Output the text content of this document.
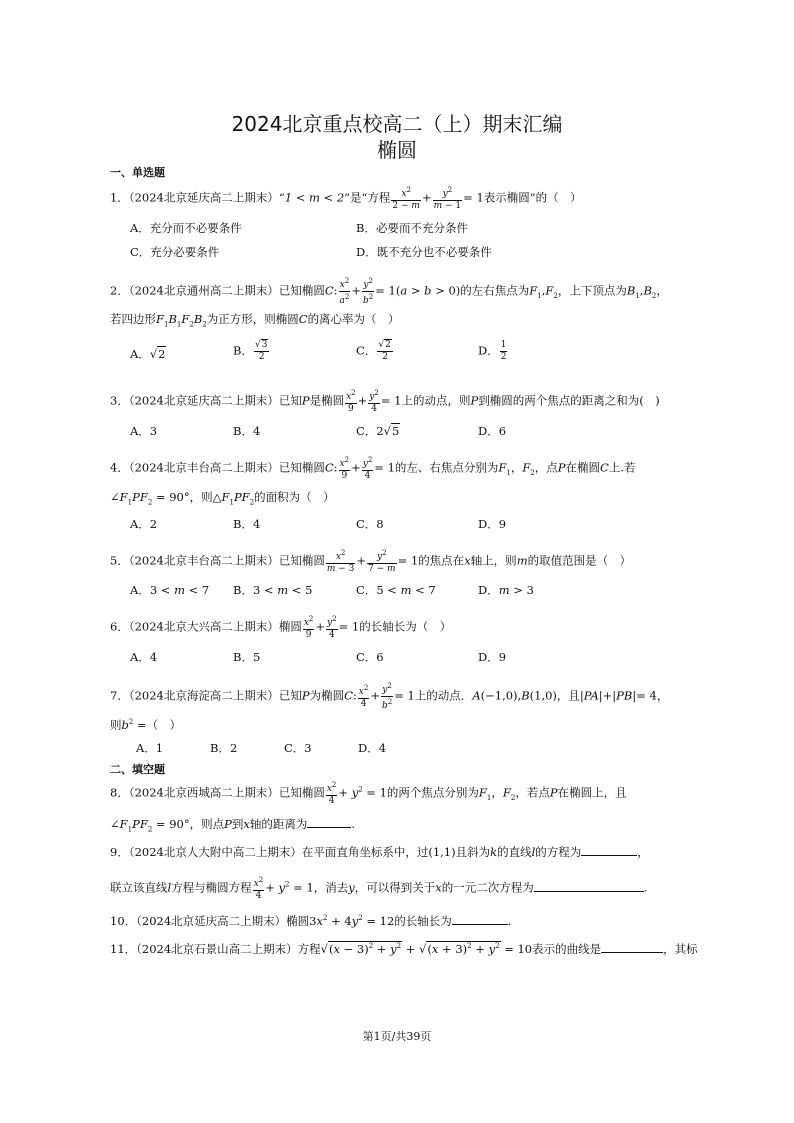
2024北京重点校高二（上）期末汇编
椭圆
一、单选题
1．（2024北京延庆高二上期末）“1 < m < 2”是“方程 $\frac{x^2}{2 - m} + \frac{y^2}{m - 1} = 1$表示椭圆”的（　）
A．充分而不必要条件	B．必要而不充分条件
C．充分必要条件	D．既不充分也不必要条件
2．（2024北京通州高二上期末）已知椭圆C: $\frac{x^2}{a^2} + \frac{y^2}{b^2} = 1(a > b > 0)$的左右焦点为$F_1,F_2$，上下顶点为$B_1,B_2$，
若四边形$F_1B_1F_2B_2$为正方形，则椭圆C的离心率为（　）
A．√2	B． $\frac{√3}{2}$	C． $\frac{√2}{2}$	D． $\frac{1}{2}$
3．（2024北京延庆高二上期末）已知P是椭圆 $\frac{x^2}{9} + \frac{y^2}{4} = 1$上的动点，则P到椭圆的两个焦点的距离之和为(　)
A．3	B．4	C．2√5	D．6
4．（2024北京丰台高二上期末）已知椭圆C: $\frac{x^2}{9} + \frac{y^2}{4} = 1$的左、右焦点分别为$F_1$，$F_2$，点P在椭圆C上.若
$\angle F_1PF_2 = 90^\circ$，则$\triangle F_1PF_2$的面积为（　）
A．2	B．4	C．8	D．9
5．（2024北京丰台高二上期末）已知椭圆 $\frac{x^2}{m - 3} + \frac{y^2}{7 - m} = 1$的焦点在x轴上，则m的取值范围是（　）
A．3 < m < 7 B．3 < m < 5	C．5 < m < 7	D．m > 3
6．（2024北京大兴高二上期末）椭圆 $\frac{x^2}{9} + \frac{y^2}{4} = 1$的长轴长为（　）
A．4	B．5	C．6	D．9
7．（2024北京海淀高二上期末）已知P为椭圆C: $\frac{x^2}{4} + \frac{y^2}{b^2} = 1$上的动点．A(−1,0),B(1,0)，且|PA|+|PB|= 4，
则$b^2$ =（　）
A．1	B．2	C．3	D．4
二、填空题
8．（2024北京西城高二上期末）已知椭圆 $\frac{x^2}{4} + y^2 = 1$的两个焦点分别为$F_1$，$F_2$，若点P在椭圆上，且
$\angle F_1PF_2 = 90^\circ$，则点P到x轴的距离为	.
9．（2024北京人大附中高二上期末）在平面直角坐标系中，过(1,1)且斜为k的直线l的方程为	，
联立该直线l方程与椭圆方程 $\frac{x^2}{4} + y^2 = 1$，消去y，可以得到关于x的一元二次方程为	.
10．（2024北京延庆高二上期末）椭圆$3x^2 + 4y^2 = 12$的长轴长为	.
11．（2024北京石景山高二上期末）方程$√(x - 3)^2 + y^2 + √(x + 3)^2 + y^2 = 10$表示的曲线是	，其标
第1页/共39页
